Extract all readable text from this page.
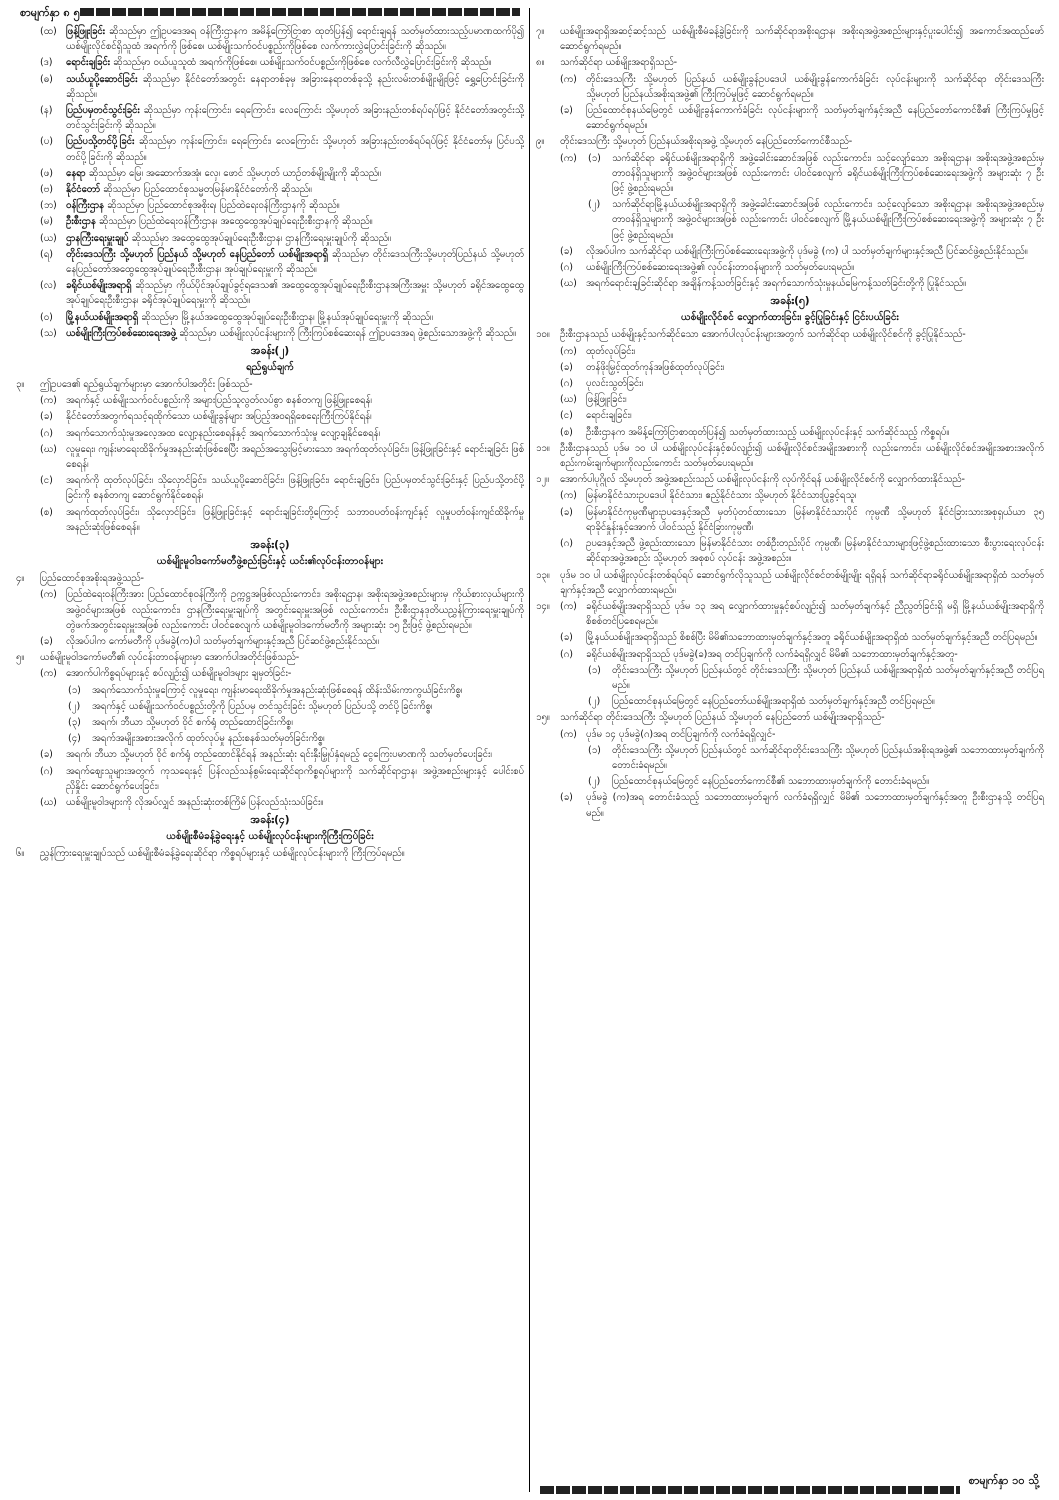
စာမျက်နှာ ၈ ၅
စာမျက်နှာ ၁၀ သို့
(ထ) ဖြန့်ဖြူးခြင်း ဆိုသည်မှာ ဤဥပဒေအရ ဝန်ကြီးဌာနက အမိန့်ကြော်ငြာစာ ထုတ်ပြန်၍ ရောင်းချရန် သတ်မှတ်ထားသည့်ပမာဏထက်ပို၍ ယစ်မျိုးလိုင်စင်ရှိသူထံ အရက်ကို ဖြစ်စေ၊ ယစ်မျိုးသက်ဝင်ပစ္စည်းကိုဖြစ်စေ လက်ကားလွှဲပြောင်းခြင်းကို ဆိုသည်။
(ဒ)	ရောင်းချခြင်း ဆိုသည်မှာ ဝယ်ယူသူထံ အရက်ကိုဖြစ်စေ၊ ယစ်မျိုးသက်ဝင်ပစ္စည်းကိုဖြစ်စေ လက်လီလွှဲပြောင်းခြင်းကို ဆိုသည်။
(ဓ)	သယ်ယူပို့ဆောင်ခြင်း ဆိုသည်မှာ နိုင်ငံတော်အတွင်း နေရာတစ်ခုမှ အခြားနေရာတစ်ခုသို့ နည်းလမ်းတစ်မျိုးမျိုးဖြင့် ရွှေ့ပြောင်းခြင်းကို ဆိုသည်။
(န)	ပြည်ပမှတင်သွင်းခြင်း ဆိုသည်မှာ ကုန်းကြောင်း၊ ရေကြောင်း၊ လေကြောင်း သို့မဟုတ် အခြားနည်းတစ်ရပ်ရပ်ဖြင့် နိုင်ငံတော်အတွင်းသို့ တင်သွင်းခြင်းကို ဆိုသည်။
(ပ)	ပြည်ပသို့တင်ပို့ခြင်း ဆိုသည်မှာ ကုန်းကြောင်း၊ ရေကြောင်း၊ လေကြောင်း သို့မဟုတ် အခြားနည်းတစ်ရပ်ရပ်ဖြင့် နိုင်ငံတော်မှ ပြင်ပသို့ တင်ပို့ခြင်းကို ဆိုသည်။
(ဖ)	နေရာ ဆိုသည်မှာ မြေ၊ အဆောက်အအုံ၊ လှေ၊ ဖောင် သို့မဟုတ် ယာဉ်တစ်မျိုးမျိုးကို ဆိုသည်။
(ဗ)	နိုင်ငံတော် ဆိုသည်မှာ ပြည်ထောင်စုသမ္မတမြန်မာနိုင်ငံတော်ကို ဆိုသည်။
(ဘ) ဝန်ကြီးဌာန ဆိုသည်မှာ ပြည်ထောင်စုအစိုးရ၊ ပြည်ထဲရေးဝန်ကြီးဌာနကို ဆိုသည်။
(မ)	ဦးစီးဌာန ဆိုသည်မှာ ပြည်ထဲရေးဝန်ကြီးဌာန၊ အထွေထွေအုပ်ချုပ်ရေးဦးစီးဌာနကို ဆိုသည်။
(ယ) ဌာနကြီးရေးမှူးချုပ် ဆိုသည်မှာ အထွေထွေအုပ်ချုပ်ရေးဦးစီးဌာန၊ ဌာနကြီးရေးမှူးချုပ်ကို ဆိုသည်။
(ရ)	တိုင်းဒေသကြီး သို့မဟုတ် ပြည်နယ် သို့မဟုတ် နေပြည်တော် ယစ်မျိုးအရာရှိ ဆိုသည်မှာ တိုင်းဒေသကြီးသို့မဟုတ်ပြည်နယ် သို့မဟုတ် နေပြည်တော်အထွေထွေအုပ်ချုပ်ရေးဦးစီးဌာန၊ အုပ်ချုပ်ရေးမှူးကို ဆိုသည်။
(လ) ခရိုင်ယစ်မျိုးအရာရှိ ဆိုသည်မှာ ကိုယ်ပိုင်အုပ်ချုပ်ခွင့်ရဒေသ၏ အထွေထွေအုပ်ချုပ်ရေးဦးစီးဌာနအကြီးအမှူး သို့မဟုတ် ခရိုင်အထွေထွေအုပ်ချုပ်ရေးဦးစီးဌာန၊ ခရိုင်အုပ်ချုပ်ရေးမှူးကို ဆိုသည်။
(ဝ)	မြို့နယ်ယစ်မျိုးအရာရှိ ဆိုသည်မှာ မြို့နယ်အထွေထွေအုပ်ချုပ်ရေးဦးစီးဌာန၊ မြို့နယ်အုပ်ချုပ်ရေးမှူးကို ဆိုသည်။
(သ) ယစ်မျိုးကြီးကြပ်စစ်ဆေးရေးအဖွဲ့ ဆိုသည်မှာ ယစ်မျိုးလုပ်ငန်းများကို ကြီးကြပ်စစ်ဆေးရန် ဤဥပဒေအရ ဖွဲ့စည်းသောအဖွဲ့ကို ဆိုသည်။
အခန်း(၂)
ရည်ရွယ်ချက်
၃။	ဤဥပဒေ၏ ရည်ရွယ်ချက်များမှာ အောက်ပါအတိုင်း ဖြစ်သည်-
(က) အရက်နှင့် ယစ်မျိုးသက်ဝင်ပစ္စည်းကို အများပြည်သူလွတ်လပ်စွာ စနစ်တကျ ဖြန့်ဖြူးစေရန်၊
(ခ)	နိုင်ငံတော်အတွက်ရသင့်ရထိုက်သော ယစ်မျိုးခွန်များ အပြည့်အဝရရှိစေရေးကြီးကြပ်နိုင်ရန်၊
(ဂ)	အရက်သောက်သုံးမှုအလေ့အထ လျော့နည်းစေရန်နှင့် အရက်သောက်သုံးမှု လျော့ချနိုင်စေရန်၊
(ဃ) လူမှုရေး၊ ကျန်းမာရေးထိခိုက်မှုအနည်းဆုံးဖြစ်စေပြီး အရည်အသွေးမြင့်မားသော အရက်ထုတ်လုပ်ခြင်း၊ ဖြန့်ဖြူးခြင်းနှင့် ရောင်းချခြင်း ဖြစ်စေရန်၊
(င)	အရက်ကို ထုတ်လုပ်ခြင်း၊ သိုလှောင်ခြင်း၊ သယ်ယူပို့ဆောင်ခြင်း၊ ဖြန့်ဖြူးခြင်း၊ ရောင်းချခြင်း၊ ပြည်ပမှတင်သွင်းခြင်းနှင့် ပြည်ပသို့တင်ပို့ခြင်းကို စနစ်တကျ ဆောင်ရွက်နိုင်စေရန်၊
(စ)	အရက်ထုတ်လုပ်ခြင်း၊ သိုလှောင်ခြင်း၊ ဖြန့်ဖြူးခြင်းနှင့် ရောင်းချခြင်းတို့ကြောင့် သဘာဝပတ်ဝန်းကျင်နှင့် လူမှုပတ်ဝန်းကျင်ထိခိုက်မှု အနည်းဆုံးဖြစ်စေရန်။
အခန်း(၃)
ယစ်မျိုးမူဝါဒကော်မတီဖွဲ့စည်းခြင်းနှင့် ယင်း၏လုပ်ငန်းတာဝန်များ
၄။	ပြည်ထောင်စုအစိုးရအဖွဲ့သည်-
(က) ပြည်ထဲရေးဝန်ကြီးအား ပြည်ထောင်စုဝန်ကြီးကို ဥက္ကဋ္ဌအဖြစ်လည်းကောင်း၊ အစိုးရဌာန၊ အစိုးရအဖွဲ့အစည်းများမှ ကိုယ်စားလှယ်များကို အဖွဲ့ဝင်များအဖြစ် လည်းကောင်း၊ ဌာနကြီးရေးမှူးချုပ်ကို အတွင်းရေးမှူးအဖြစ် လည်းကောင်း၊ ဦးစီးဌာနဒုတိယညွှန်ကြားရေးမှူးချုပ်ကို တွဲဖက်အတွင်းရေးမှူးအဖြစ် လည်းကောင်း ပါဝင်စေလျက် ယစ်မျိုးမူဝါဒကော်မတီကို အများဆုံး ၁၅ ဦးဖြင့် ဖွဲ့စည်းရမည်။
(ခ)	လိုအပ်ပါက ကော်မတီကို ပုဒ်မခွဲ(က)ပါ သတ်မှတ်ချက်များနှင့်အညီ ပြင်ဆင်ဖွဲ့စည်းနိုင်သည်။
၅။	ယစ်မျိုးမူဝါဒကော်မတီ၏ လုပ်ငန်းတာဝန်များမှာ အောက်ပါအတိုင်းဖြစ်သည်-
(က) အောက်ပါကိစ္စရပ်များနှင့် စပ်လျဉ်း၍ ယစ်မျိုးမူဝါဒများ ချမှတ်ခြင်း-
(၁)	အရက်သောက်သုံးမှုကြောင့် လူမှုရေး၊ ကျန်းမာရေးထိခိုက်မှုအနည်းဆုံးဖြစ်စေရန် ထိန်းသိမ်းကာကွယ်ခြင်းကိစ္စ၊
(၂)	အရက်နှင့် ယစ်မျိုးသက်ဝင်ပစ္စည်းတို့ကို ပြည်ပမှ တင်သွင်းခြင်း သို့မဟုတ် ပြည်ပသို့ တင်ပို့ခြင်းကိစ္စ၊
(၃)	အရက်၊ ဘီယာ သို့မဟုတ် ဝိုင် စက်ရုံ တည်ထောင်ခြင်းကိစ္စ၊
(၄)	အရက်အမျိုးအစားအလိုက် ထုတ်လုပ်မှု နည်းစနစ်သတ်မှတ်ခြင်းကိစ္စ၊
(ခ)	အရက်၊ ဘီယာ သို့မဟုတ် ဝိုင် စက်ရုံ တည်ထောင်နိုင်ရန် အနည်းဆုံး ရင်းနှီးမြှုပ်နှံရမည့် ငွေကြေးပမာဏကို သတ်မှတ်ပေးခြင်း၊
(ဂ)	အရက်ဈေးသူများအတွက် ကုသရေးနှင့် ပြန်လည်သန်စွမ်းရေးဆိုင်ရာကိစ္စရပ်များကို သက်ဆိုင်ရာဌာန၊ အဖွဲ့အစည်းများနှင့် ပေါင်းစပ်ညှိနှိုင်း ဆောင်ရွက်ပေးခြင်း၊
(ဃ) ယစ်မျိုးမူဝါဒများကို လိုအပ်လျှင် အနည်းဆုံးတစ်ကြိမ် ပြန်လည်သုံးသပ်ခြင်း။
အခန်း(၄)
ယစ်မျိုးစီမံခန့်ခွဲရေးနှင့် ယစ်မျိုးလုပ်ငန်းများကိုကြီးကြပ်ခြင်း
၆။	ညွှန်ကြားရေးမှူးချုပ်သည် ယစ်မျိုးစီမံခန့်ခွဲရေးဆိုင်ရာ ကိစ္စရပ်များနှင့် ယစ်မျိုးလုပ်ငန်းများကို ကြီးကြပ်ရမည်။
၇။	ယစ်မျိုးအရာရှိအဆင့်ဆင့်သည် ယစ်မျိုးစီမံခန့်ခွဲခြင်းကို သက်ဆိုင်ရာအစိုးရဌာန၊ အစိုးရအဖွဲ့အစည်းများနှင့်ပူးပေါင်း၍ အကောင်အထည်ဖော်ဆောင်ရွက်ရမည်။
၈။	သက်ဆိုင်ရာ ယစ်မျိုးအရာရှိသည်-
(က) တိုင်းဒေသကြီး သို့မဟုတ် ပြည်နယ် ယစ်မျိုးခွန်ဥပဒေပါ ယစ်မျိုးခွန်ကောက်ခံခြင်း လုပ်ငန်းများကို သက်ဆိုင်ရာ တိုင်းဒေသကြီး သို့မဟုတ် ပြည်နယ်အစိုးရအဖွဲ့၏ ကြီးကြပ်မှုဖြင့် ဆောင်ရွက်ရမည်။
(ခ)	ပြည်ထောင်စုနယ်မြေတွင် ယစ်မျိုးခွန်ကောက်ခံခြင်း လုပ်ငန်းများကို သတ်မှတ်ချက်နှင့်အညီ နေပြည်တော်ကောင်စီ၏ ကြီးကြပ်မှုဖြင့် ဆောင်ရွက်ရမည်။
၉။	တိုင်းဒေသကြီး သို့မဟုတ် ပြည်နယ်အစိုးရအဖွဲ့ သို့မဟုတ် နေပြည်တော်ကောင်စီသည်-
(က) (၁)	သက်ဆိုင်ရာ ခရိုင်ယစ်မျိုးအရာရှိကို အဖွဲ့ခေါင်းဆောင်အဖြစ် လည်းကောင်း၊ သင့်လျော်သော အစိုးရဌာန၊ အစိုးရအဖွဲ့အစည်းမှ တာဝန်ရှိသူများကို အဖွဲ့ဝင်များအဖြစ် လည်းကောင်း ပါဝင်စေလျက် ခရိုင်ယစ်မျိုးကြီးကြပ်စစ်ဆေးရေးအဖွဲ့ကို အများဆုံး ၇ ဦးဖြင့် ဖွဲ့စည်းရမည်။
(၂)	သက်ဆိုင်ရာမြို့နယ်ယစ်မျိုးအရာရှိကို အဖွဲ့ခေါင်းဆောင်အဖြစ် လည်းကောင်း၊ သင့်လျော်သော အစိုးရဌာန၊ အစိုးရအဖွဲ့အစည်းမှ တာဝန်ရှိသူများကို အဖွဲ့ဝင်များအဖြစ် လည်းကောင်း ပါဝင်စေလျက် မြို့နယ်ယစ်မျိုးကြီးကြပ်စစ်ဆေးရေးအဖွဲ့ကို အများဆုံး ၇ ဦးဖြင့် ဖွဲ့စည်းရမည်။
(ခ)	လိုအပ်ပါက သက်ဆိုင်ရာ ယစ်မျိုးကြီးကြပ်စစ်ဆေးရေးအဖွဲ့ကို ပုဒ်မခွဲ (က) ပါ သတ်မှတ်ချက်များနှင့်အညီ ပြင်ဆင်ဖွဲ့စည်းနိုင်သည်။
(ဂ)	ယစ်မျိုးကြီးကြပ်စစ်ဆေးရေးအဖွဲ့၏ လုပ်ငန်းတာဝန်များကို သတ်မှတ်ပေးရမည်။
(ဃ) အရက်ရောင်းချခြင်းဆိုင်ရာ အချိန်ကန့်သတ်ခြင်းနှင့် အရက်သောက်သုံးမှုနယ်မြေကန့်သတ်ခြင်းတို့ကို ပြုနိုင်သည်။
အခန်း(၅)
ယစ်မျိုးလိုင်စင် လျှောက်ထားခြင်း၊ ခွင့်ပြုခြင်းနှင့် ငြင်းပယ်ခြင်း
၁၀။	ဦးစီးဌာနသည် ယစ်မျိုးနှင့်သက်ဆိုင်သော အောက်ပါလုပ်ငန်းများအတွက် သက်ဆိုင်ရာ ယစ်မျိုးလိုင်စင်ကို ခွင့်ပြုနိုင်သည်-
(က) ထုတ်လုပ်ခြင်း၊
(ခ)	တန်ဖိုးမြှင့်ထုတ်ကုန်အဖြစ်ထုတ်လုပ်ခြင်း၊
(ဂ)	ပုလင်းသွတ်ခြင်း၊
(ဃ) ဖြန့်ဖြူးခြင်း၊
(င)	ရောင်းချခြင်း၊
(စ)	ဦးစီးဌာနက အမိန့်ကြော်ငြာစာထုတ်ပြန်၍ သတ်မှတ်ထားသည့် ယစ်မျိုးလုပ်ငန်းနှင့် သက်ဆိုင်သည့် ကိစ္စရပ်။
၁၁။	ဦးစီးဌာနသည် ပုဒ်မ ၁၀ ပါ ယစ်မျိုးလုပ်ငန်းနှင့်စပ်လျဉ်း၍ ယစ်မျိုးလိုင်စင်အမျိုးအစားကို လည်းကောင်း၊ ယစ်မျိုးလိုင်စင်အမျိုးအစားအလိုက် စည်းကမ်းချက်များကိုလည်းကောင်း သတ်မှတ်ပေးရမည်။
၁၂။	အောက်ပါပုဂ္ဂိုလ် သို့မဟုတ် အဖွဲ့အစည်းသည် ယစ်မျိုးလုပ်ငန်းကို လုပ်ကိုင်ရန် ယစ်မျိုးလိုင်စင်ကို လျှောက်ထားနိုင်သည်-
(က) မြန်မာနိုင်ငံသားဥပဒေပါ နိုင်ငံသား၊ ဧည့်နိုင်ငံသား သို့မဟုတ် နိုင်ငံသားပြုခွင့်ရသူ၊
(ခ)	မြန်မာနိုင်ငံကုမ္ပဏီများဥပဒေနှင့်အညီ မှတ်ပုံတင်ထားသော မြန်မာနိုင်ငံသားပိုင် ကုမ္ပဏီ သို့မဟုတ် နိုင်ငံခြားသားအစုရှယ်ယာ ၃၅ ရာခိုင်နှုန်းနှင့်အောက် ပါဝင်သည့် နိုင်ငံခြားကုမ္ပဏီ၊
(ဂ)	ဥပဒေနှင့်အညီ ဖွဲ့စည်းထားသော မြန်မာနိုင်ငံသား တစ်ဦးတည်းပိုင် ကုမ္ပဏီ၊ မြန်မာနိုင်ငံသားများဖြင့်ဖွဲ့စည်းထားသော စီးပွားရေးလုပ်ငန်းဆိုင်ရာအဖွဲ့အစည်း သို့မဟုတ် အစုစပ် လုပ်ငန်း အဖွဲ့အစည်း။
၁၃။	ပုဒ်မ ၁၀ ပါ ယစ်မျိုးလုပ်ငန်းတစ်ရပ်ရပ် ဆောင်ရွက်လိုသူသည် ယစ်မျိုးလိုင်စင်တစ်မျိုးမျိုး ရရှိရန် သက်ဆိုင်ရာခရိုင်ယစ်မျိုးအရာရှိထံ သတ်မှတ်ချက်နှင့်အညီ လျှောက်ထားရမည်။
၁၄။ (က) ခရိုင်ယစ်မျိုးအရာရှိသည် ပုဒ်မ ၁၃ အရ လျှောက်ထားမှုနှင့်စပ်လျဉ်း၍ သတ်မှတ်ချက်နှင့် ညီညွတ်ခြင်းရှိ မရှိ မြို့နယ်ယစ်မျိုးအရာရှိကို စိစစ်တင်ပြစေရမည်။
(ခ)	မြို့နယ်ယစ်မျိုးအရာရှိသည် စိစစ်ပြီး မိမိ၏သဘောထားမှတ်ချက်နှင့်အတူ ခရိုင်ယစ်မျိုးအရာရှိထံ သတ်မှတ်ချက်နှင့်အညီ တင်ပြရမည်။
(ဂ)	ခရိုင်ယစ်မျိုးအရာရှိသည် ပုဒ်မခွဲ(ခ)အရ တင်ပြချက်ကို လက်ခံရရှိလျှင် မိမိ၏ သဘောထားမှတ်ချက်နှင့်အတူ-
(၁)	တိုင်းဒေသကြီး သို့မဟုတ် ပြည်နယ်တွင် တိုင်းဒေသကြီး သို့မဟုတ် ပြည်နယ် ယစ်မျိုးအရာရှိထံ သတ်မှတ်ချက်နှင့်အညီ တင်ပြရမည်။
(၂)	ပြည်ထောင်စုနယ်မြေတွင် နေပြည်တော်ယစ်မျိုးအရာရှိထံ သတ်မှတ်ချက်နှင့်အညီ တင်ပြရမည်။
၁၅။	သက်ဆိုင်ရာ တိုင်းဒေသကြီး သို့မဟုတ် ပြည်နယ် သို့မဟုတ် နေပြည်တော် ယစ်မျိုးအရာရှိသည်-
(က) ပုဒ်မ ၁၄ ပုဒ်မခွဲ(ဂ)အရ တင်ပြချက်ကို လက်ခံရရှိလျှင်-
(၁)	တိုင်းဒေသကြီး သို့မဟုတ် ပြည်နယ်တွင် သက်ဆိုင်ရာတိုင်းဒေသကြီး သို့မဟုတ် ပြည်နယ်အစိုးရအဖွဲ့၏ သဘောထားမှတ်ချက်ကို တောင်းခံရမည်။
(၂)	ပြည်ထောင်စုနယ်မြေတွင် နေပြည်တော်ကောင်စီ၏ သဘောထားမှတ်ချက်ကို တောင်းခံရမည်။
(ခ)	ပုဒ်မခွဲ (က)အရ တောင်းခံသည့် သဘောထားမှတ်ချက် လက်ခံရရှိလျှင် မိမိ၏ သဘောထားမှတ်ချက်နှင့်အတူ ဦးစီးဌာနသို့ တင်ပြရမည်။
